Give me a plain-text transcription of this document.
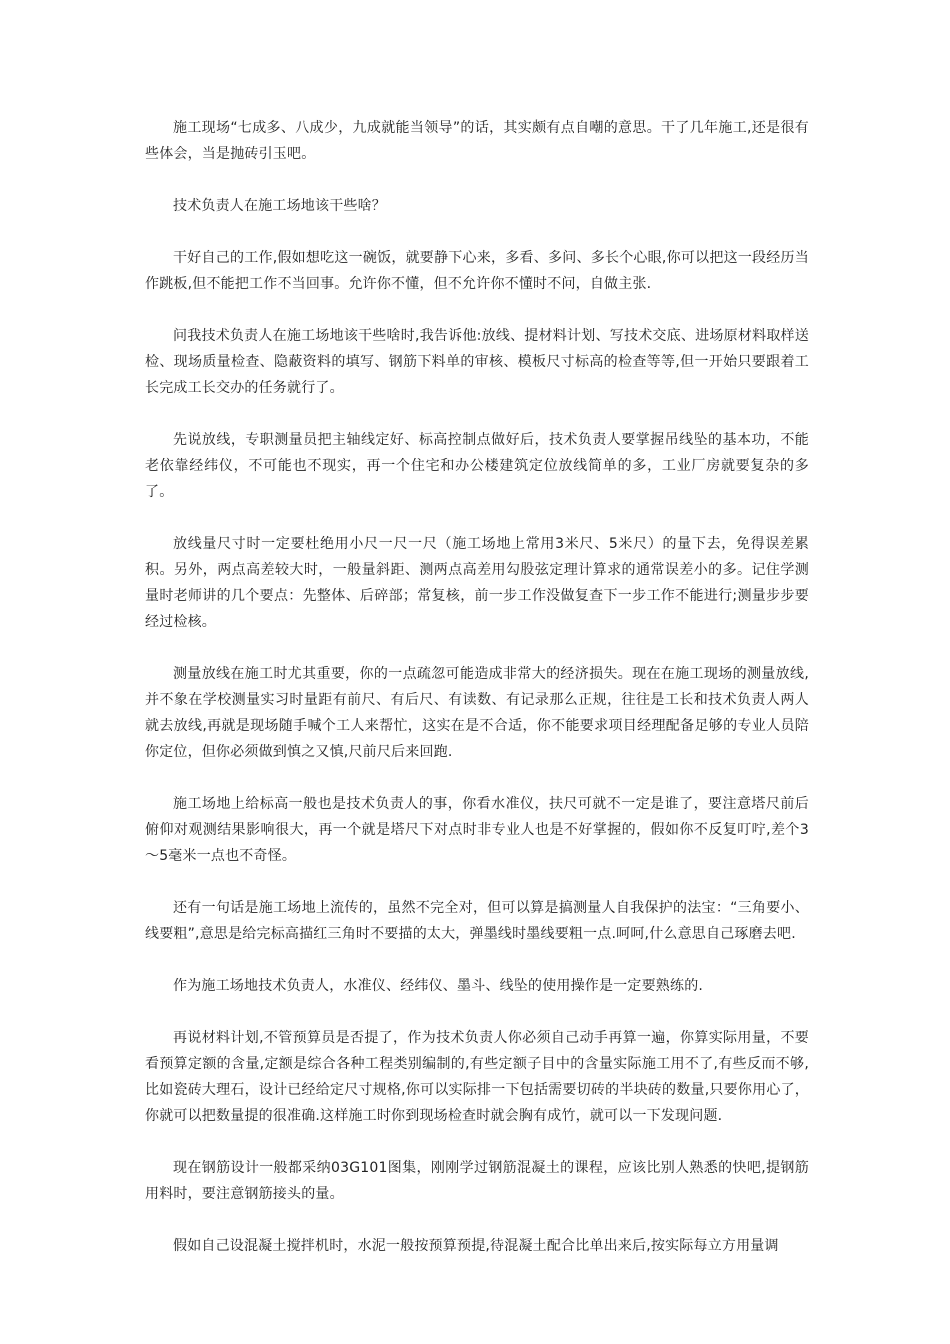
施工现场“七成多、八成少，九成就能当领导”的话，其实颇有点自嘲的意思。干了几年施工,还是很有些体会，当是抛砖引玉吧。

技术负责人在施工场地该干些啥？

干好自己的工作,假如想吃这一碗饭，就要静下心来，多看、多问、多长个心眼,你可以把这一段经历当作跳板,但不能把工作不当回事。允许你不懂，但不允许你不懂时不问，自做主张.

问我技术负责人在施工场地该干些啥时,我告诉他:放线、提材料计划、写技术交底、进场原材料取样送检、现场质量检查、隐蔽资料的填写、钢筋下料单的审核、模板尺寸标高的检查等等,但一开始只要跟着工长完成工长交办的任务就行了。

先说放线，专职测量员把主轴线定好、标高控制点做好后，技术负责人要掌握吊线坠的基本功，不能老依靠经纬仪，不可能也不现实，再一个住宅和办公楼建筑定位放线简单的多，工业厂房就要复杂的多了。

放线量尺寸时一定要杜绝用小尺一尺一尺（施工场地上常用3米尺、5米尺）的量下去，免得误差累积。另外，两点高差较大时，一般量斜距、测两点高差用勾股弦定理计算求的通常误差小的多。记住学测量时老师讲的几个要点：先整体、后碎部；常复核，前一步工作没做复查下一步工作不能进行;测量步步要经过检核。

测量放线在施工时尤其重要，你的一点疏忽可能造成非常大的经济损失。现在在施工现场的测量放线,并不象在学校测量实习时量距有前尺、有后尺、有读数、有记录那么正规，往往是工长和技术负责人两人就去放线,再就是现场随手喊个工人来帮忙，这实在是不合适，你不能要求项目经理配备足够的专业人员陪你定位，但你必须做到慎之又慎,尺前尺后来回跑.

施工场地上给标高一般也是技术负责人的事，你看水准仪，扶尺可就不一定是谁了，要注意塔尺前后俯仰对观测结果影响很大，再一个就是塔尺下对点时非专业人也是不好掌握的，假如你不反复叮咛,差个3～5毫米一点也不奇怪。

还有一句话是施工场地上流传的，虽然不完全对，但可以算是搞测量人自我保护的法宝：“三角要小、线要粗”,意思是给完标高描红三角时不要描的太大，弹墨线时墨线要粗一点.呵呵,什么意思自己琢磨去吧.

作为施工场地技术负责人，水准仪、经纬仪、墨斗、线坠的使用操作是一定要熟练的.

再说材料计划,不管预算员是否提了，作为技术负责人你必须自己动手再算一遍，你算实际用量，不要看预算定额的含量,定额是综合各种工程类别编制的,有些定额子目中的含量实际施工用不了,有些反而不够,比如瓷砖大理石，设计已经给定尺寸规格,你可以实际排一下包括需要切砖的半块砖的数量,只要你用心了，你就可以把数量提的很准确.这样施工时你到现场检查时就会胸有成竹，就可以一下发现问题.

现在钢筋设计一般都采纳03G101图集，刚刚学过钢筋混凝土的课程，应该比别人熟悉的快吧,提钢筋用料时，要注意钢筋接头的量。

假如自己设混凝土搅拌机时，水泥一般按预算预提,待混凝土配合比单出来后,按实际每立方用量调
